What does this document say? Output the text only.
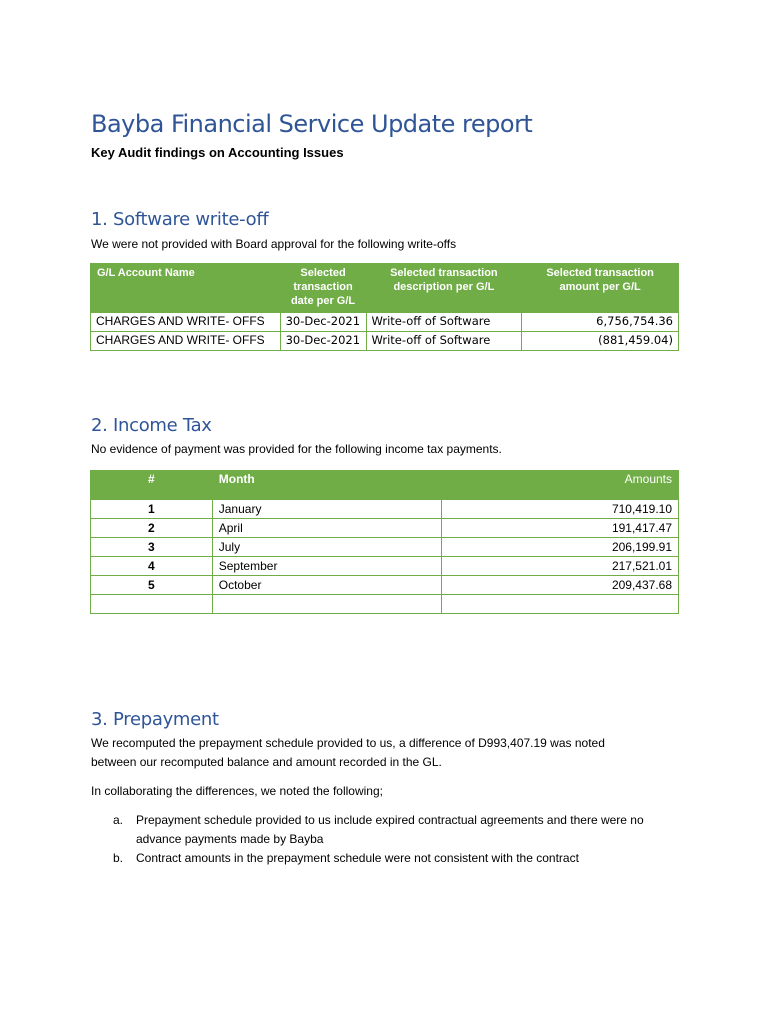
Bayba Financial Service Update report
Key Audit findings on Accounting Issues
1. Software write-off
We were not provided with Board approval for the following write-offs
G/L Account Name	Selected transaction date per G/L	Selected transaction description per G/L	Selected transaction amount per G/L
CHARGES AND WRITE- OFFS	30-Dec-2021	Write-off of Software	6,756,754.36
CHARGES AND WRITE- OFFS	30-Dec-2021	Write-off of Software	(881,459.04)
2. Income Tax
No evidence of payment was provided for the following income tax payments.
#	Month	Amounts
1	January	710,419.10
2	April	191,417.47
3	July	206,199.91
4	September	217,521.01
5	October	209,437.68

3. Prepayment
We recomputed the prepayment schedule provided to us, a difference of D993,407.19 was noted
between our recomputed balance and amount recorded in the GL.
In collaborating the differences, we noted the following;
a. Prepayment schedule provided to us include expired contractual agreements and there were no
advance payments made by Bayba
b. Contract amounts in the prepayment schedule were not consistent with the contract
